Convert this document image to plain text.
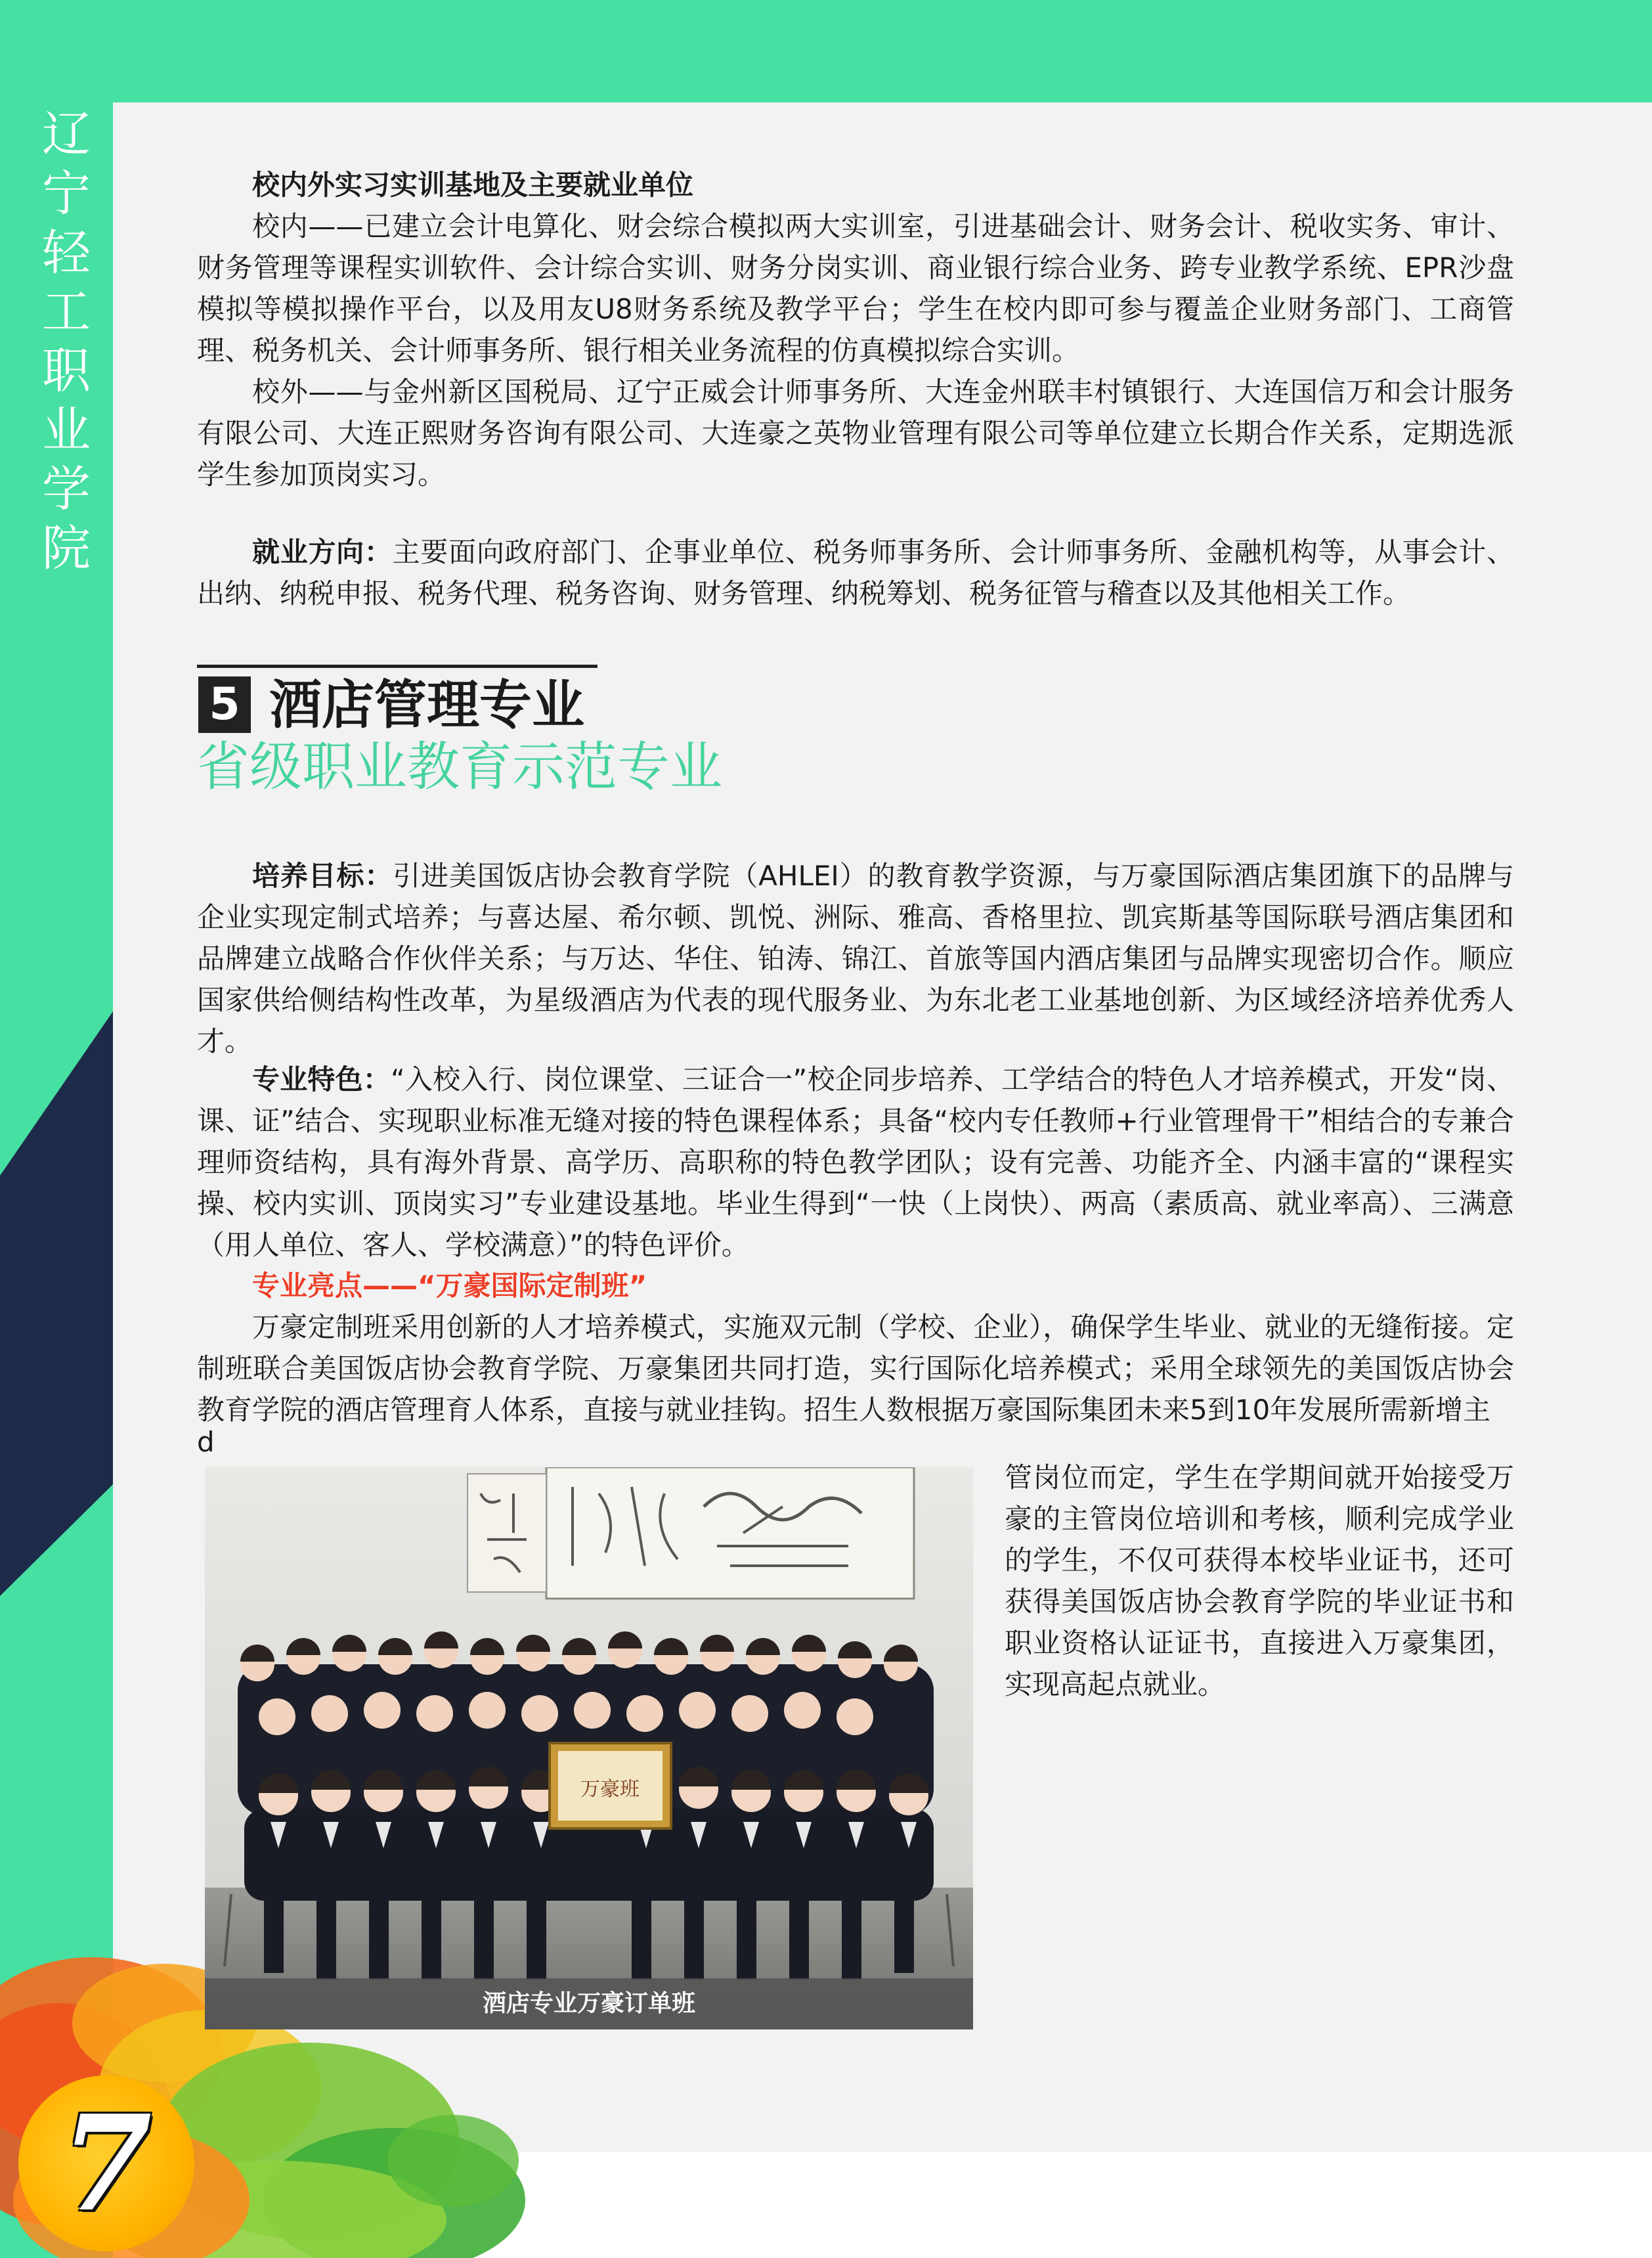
辽
宁
轻
工
职
业
学
院
7
校内外实习实训基地及主要就业单位
校内——已建立会计电算化、财会综合模拟两大实训室，引进基础会计、财务会计、税收实务、审计、财务管理等课程实训软件、会计综合实训、财务分岗实训、商业银行综合业务、跨专业教学系统、EPR沙盘模拟等模拟操作平台，以及用友U8财务系统及教学平台；学生在校内即可参与覆盖企业财务部门、工商管理、税务机关、会计师事务所、银行相关业务流程的仿真模拟综合实训。
校外——与金州新区国税局、辽宁正威会计师事务所、大连金州联丰村镇银行、大连国信万和会计服务有限公司、大连正熙财务咨询有限公司、大连豪之英物业管理有限公司等单位建立长期合作关系，定期选派学生参加顶岗实习。
就业方向：主要面向政府部门、企事业单位、税务师事务所、会计师事务所、金融机构等，从事会计、出纳、纳税申报、税务代理、税务咨询、财务管理、纳税筹划、税务征管与稽查以及其他相关工作。
5 酒店管理专业
省级职业教育示范专业
培养目标：引进美国饭店协会教育学院（AHLEI）的教育教学资源，与万豪国际酒店集团旗下的品牌与企业实现定制式培养；与喜达屋、希尔顿、凯悦、洲际、雅高、香格里拉、凯宾斯基等国际联号酒店集团和品牌建立战略合作伙伴关系；与万达、华住、铂涛、锦江、首旅等国内酒店集团与品牌实现密切合作。顺应国家供给侧结构性改革，为星级酒店为代表的现代服务业、为东北老工业基地创新、为区域经济培养优秀人才。
专业特色：“入校入行、岗位课堂、三证合一”校企同步培养、工学结合的特色人才培养模式，开发“岗、课、证”结合、实现职业标准无缝对接的特色课程体系；具备“校内专任教师+行业管理骨干”相结合的专兼合理师资结构，具有海外背景、高学历、高职称的特色教学团队；设有完善、功能齐全、内涵丰富的“课程实操、校内实训、顶岗实习”专业建设基地。毕业生得到“一快（上岗快）、两高（素质高、就业率高）、三满意（用人单位、客人、学校满意）”的特色评价。
专业亮点——“万豪国际定制班”
万豪定制班采用创新的人才培养模式，实施双元制（学校、企业），确保学生毕业、就业的无缝衔接。定制班联合美国饭店协会教育学院、万豪集团共同打造，实行国际化培养模式；采用全球领先的美国饭店协会教育学院的酒店管理育人体系，直接与就业挂钩。招生人数根据万豪国际集团未来5到10年发展所需新增主
d
万豪班
酒店专业万豪订单班
管岗位而定，学生在学期间就开始接受万豪的主管岗位培训和考核，顺利完成学业的学生，不仅可获得本校毕业证书，还可获得美国饭店协会教育学院的毕业证书和职业资格认证证书，直接进入万豪集团，实现高起点就业。
